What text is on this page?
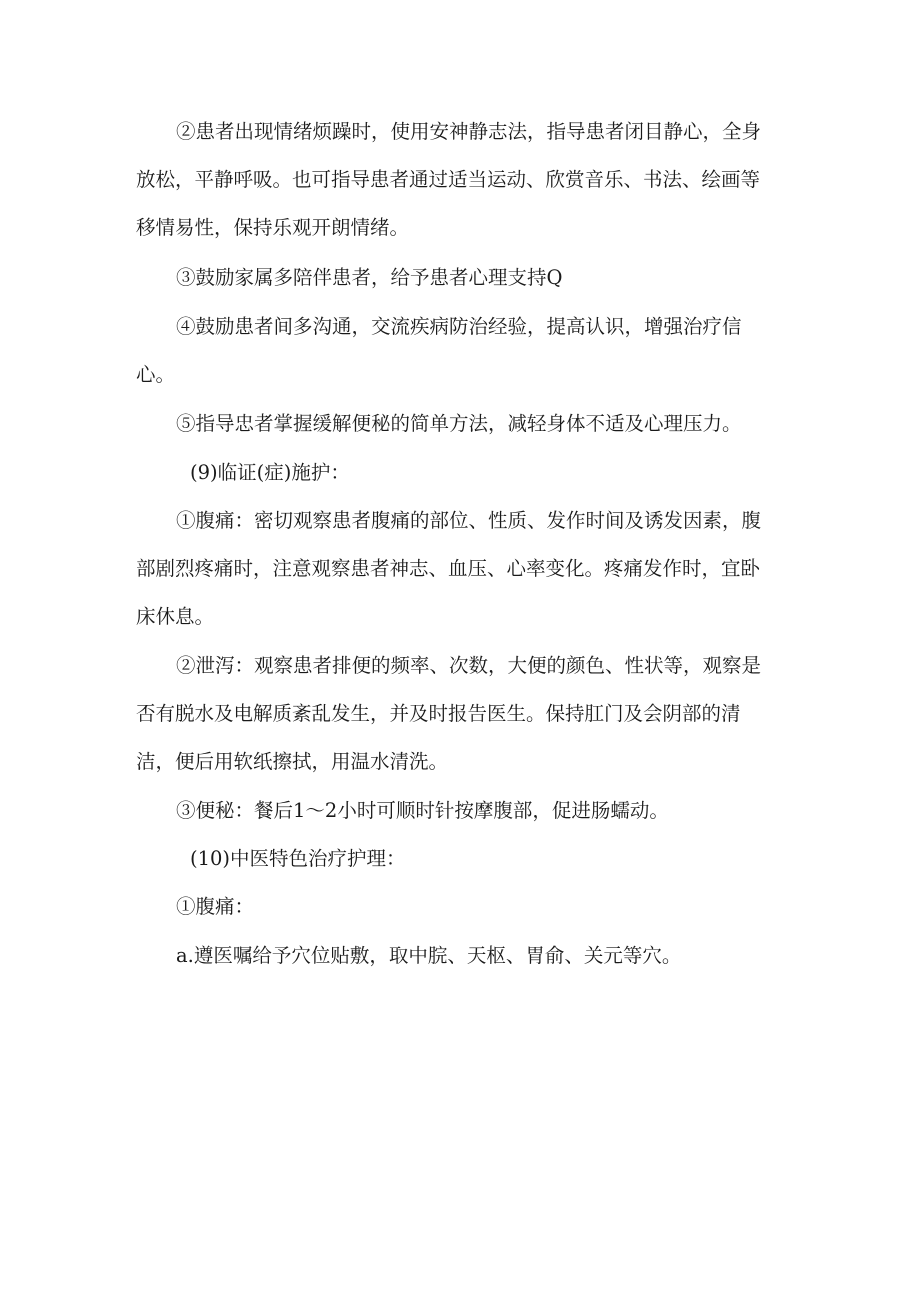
②患者出现情绪烦躁时，使用安神静志法，指导患者闭目静心，全身

放松，平静呼吸。也可指导患者通过适当运动、欣赏音乐、书法、绘画等

移情易性，保持乐观开朗情绪。

③鼓励家属多陪伴患者，给予患者心理支持Q

④鼓励患者间多沟通，交流疾病防治经验，提高认识，增强治疗信

心。

⑤指导忠者掌握缓解便秘的简单方法，减轻身体不适及心理压力。

(9)临证(症)施护：

①腹痛：密切观察患者腹痛的部位、性质、发作时间及诱发因素，腹

部剧烈疼痛时，注意观察患者神志、血压、心率变化。疼痛发作时，宜卧

床休息。

②泄泻：观察患者排便的频率、次数，大便的颜色、性状等，观察是

否有脱水及电解质紊乱发生，并及时报告医生。保持肛门及会阴部的清

洁，便后用软纸擦拭，用温水清洗。

③便秘：餐后1～2小时可顺时针按摩腹部，促进肠蠕动。

(10)中医特色治疗护理：

①腹痛：

a.遵医嘱给予穴位贴敷，取中脘、天枢、胃俞、关元等穴。
